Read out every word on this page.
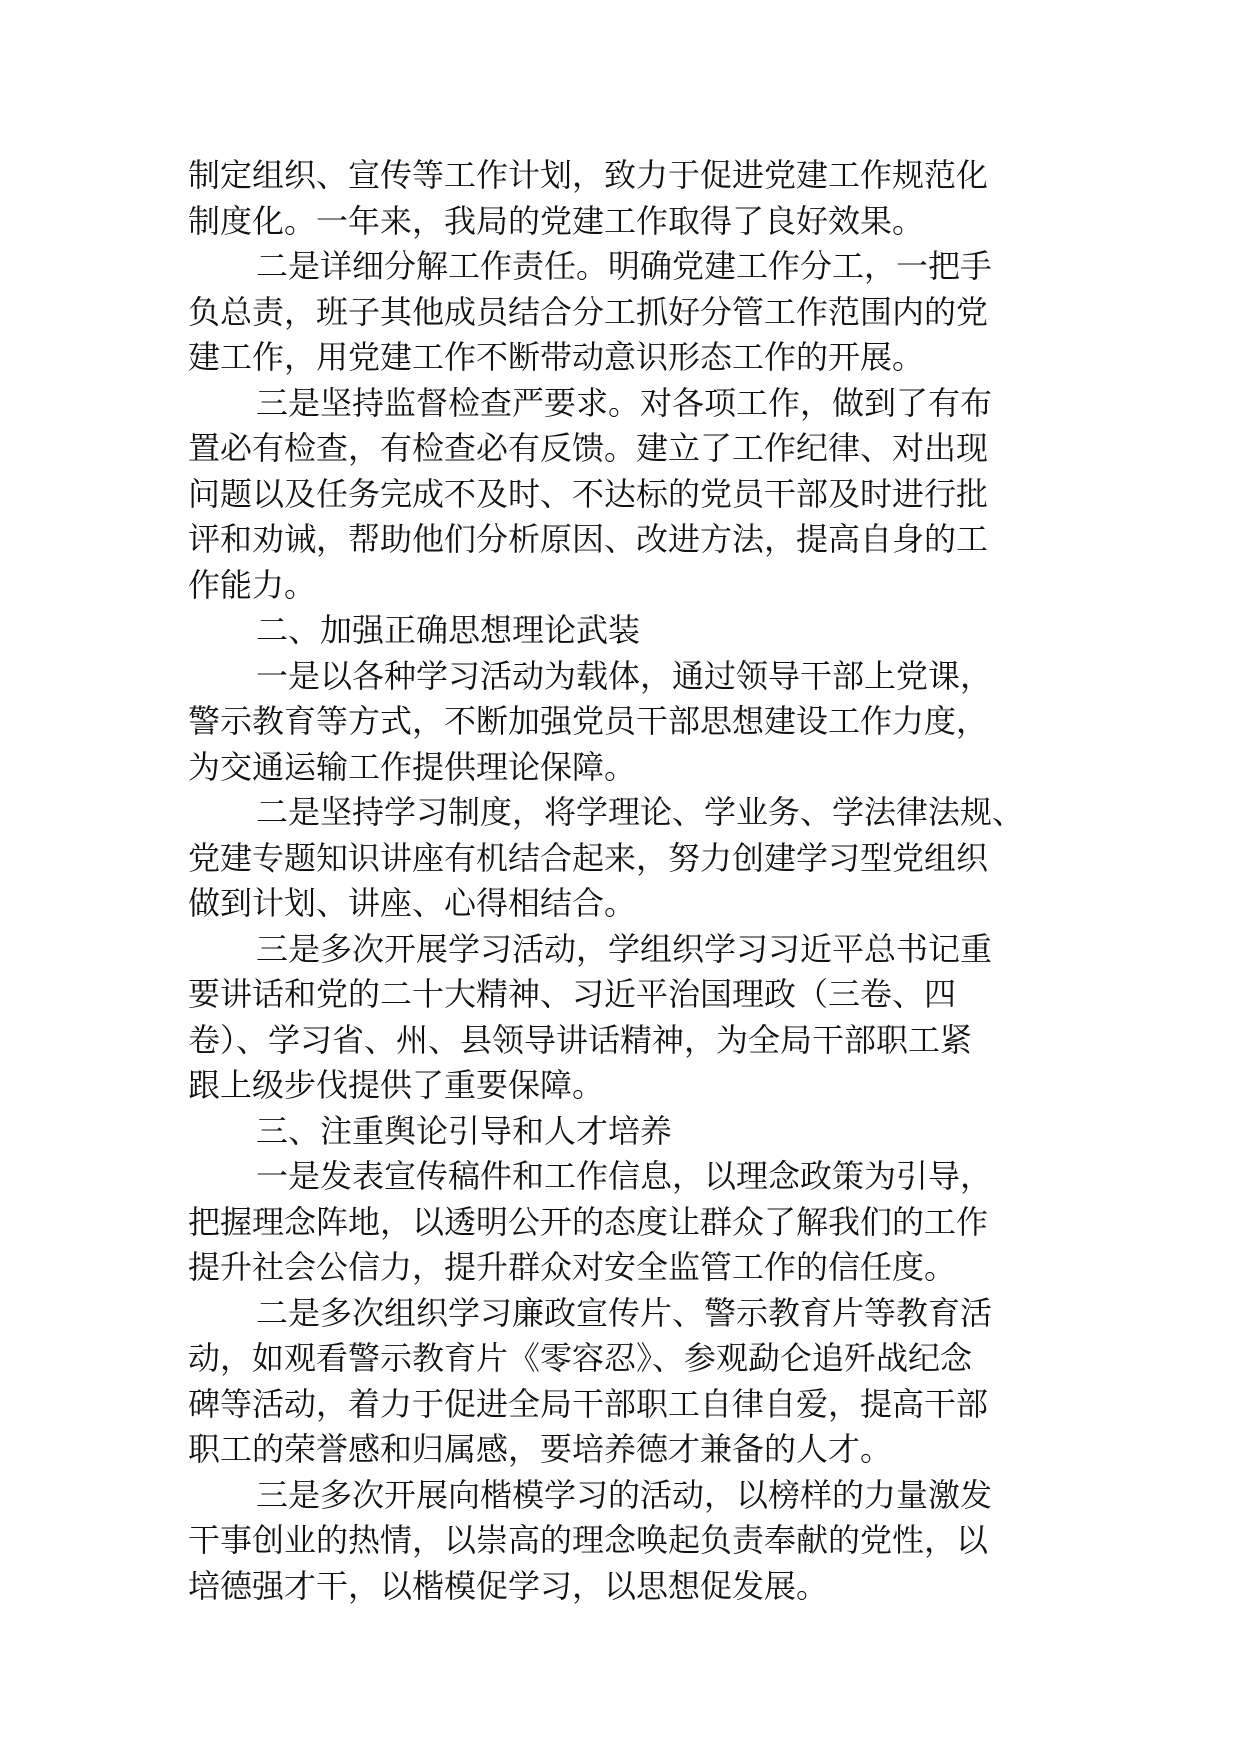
制定组织、宣传等工作计划，致力于促进党建工作规范化
制度化。一年来，我局的党建工作取得了良好效果。
二是详细分解工作责任。明确党建工作分工，一把手
负总责，班子其他成员结合分工抓好分管工作范围内的党
建工作，用党建工作不断带动意识形态工作的开展。
三是坚持监督检查严要求。对各项工作，做到了有布
置必有检查，有检查必有反馈。建立了工作纪律、对出现
问题以及任务完成不及时、不达标的党员干部及时进行批
评和劝诫，帮助他们分析原因、改进方法，提高自身的工
作能力。
二、加强正确思想理论武装
一是以各种学习活动为载体，通过领导干部上党课，
警示教育等方式，不断加强党员干部思想建设工作力度，
为交通运输工作提供理论保障。
二是坚持学习制度，将学理论、学业务、学法律法规、
党建专题知识讲座有机结合起来，努力创建学习型党组织
做到计划、讲座、心得相结合。
三是多次开展学习活动，学组织学习习近平总书记重
要讲话和党的二十大精神、习近平治国理政（三卷、四
卷）、学习省、州、县领导讲话精神，为全局干部职工紧
跟上级步伐提供了重要保障。
三、注重舆论引导和人才培养
一是发表宣传稿件和工作信息，以理念政策为引导，
把握理念阵地，以透明公开的态度让群众了解我们的工作
提升社会公信力，提升群众对安全监管工作的信任度。
二是多次组织学习廉政宣传片、警示教育片等教育活
动，如观看警示教育片《零容忍》、参观勐仑追歼战纪念
碑等活动，着力于促进全局干部职工自律自爱，提高干部
职工的荣誉感和归属感，要培养德才兼备的人才。
三是多次开展向楷模学习的活动，以榜样的力量激发
干事创业的热情，以崇高的理念唤起负责奉献的党性，以
培德强才干，以楷模促学习，以思想促发展。
